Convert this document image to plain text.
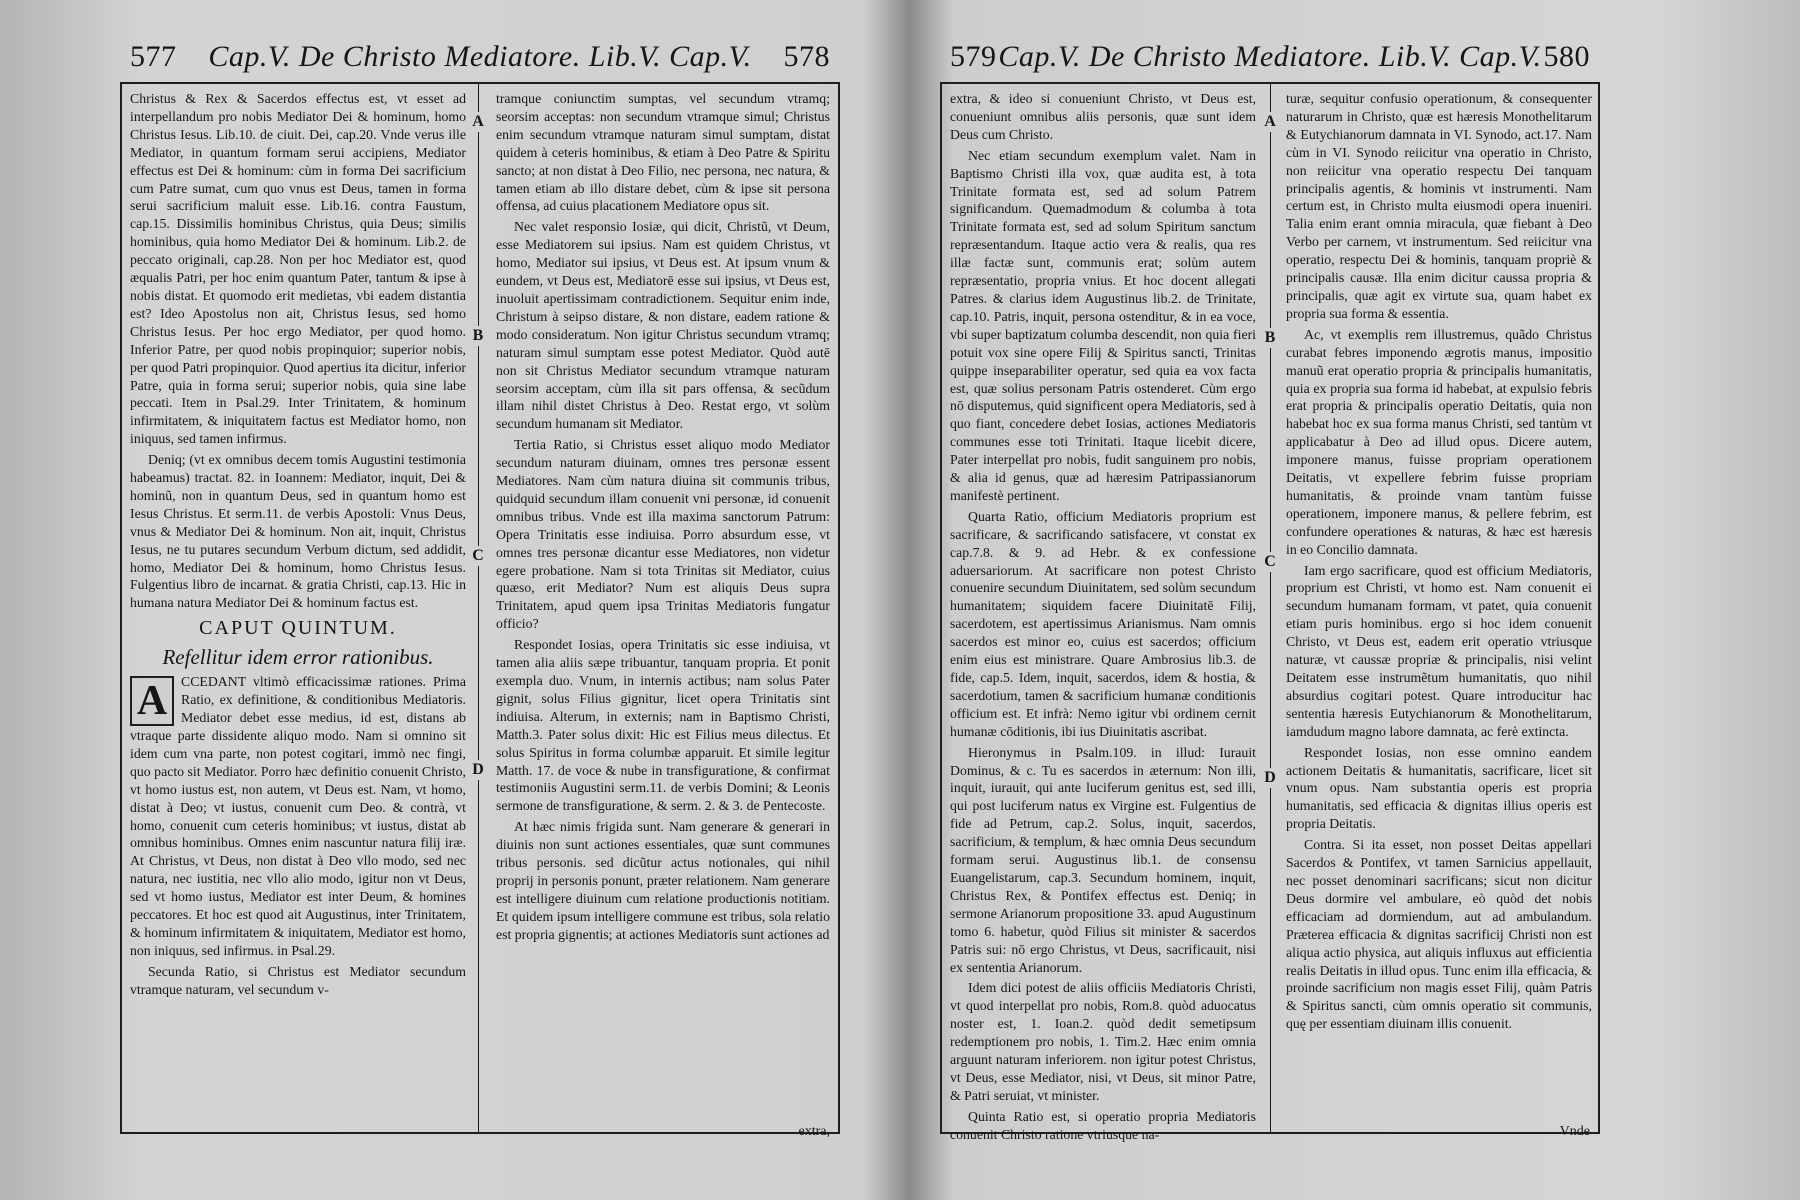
577	Cap.V. De Christo Mediatore. Lib.V. Cap.V.	578

Christus & Rex & Sacerdos effectus est, vt esset ad interpellandum pro nobis Mediator Dei & hominum, homo Christus Iesus. Lib.10. de ciuit. Dei, cap.20. Vnde verus ille Mediator, in quantum formam serui accipiens, Mediator effectus est Dei & hominum: cùm in forma Dei sacrificium cum Patre sumat, cum quo vnus est Deus, tamen in forma serui sacrificium maluit esse. Lib.16. contra Faustum, cap.15. Dissimilis hominibus Christus, quia Deus; similis hominibus, quia homo Mediator Dei & hominum. Lib.2. de peccato originali, cap.28. Non per hoc Mediator est, quod æqualis Patri, per hoc enim quantum Pater, tantum & ipse à nobis distat. Et quomodo erit medietas, vbi eadem distantia est? Ideo Apostolus non ait, Christus Iesus, sed homo Christus Iesus. Per hoc ergo Mediator, per quod homo. Inferior Patre, per quod nobis propinquior; superior nobis, per quod Patri propinquior. Quod apertius ita dicitur, inferior Patre, quia in forma serui; superior nobis, quia sine labe peccati. Item in Psal.29. Inter Trinitatem, & hominum infirmitatem, & iniquitatem factus est Mediator homo, non iniquus, sed tamen infirmus.

Deniq; (vt ex omnibus decem tomis Augustini testimonia habeamus) tractat. 82. in Ioannem: Mediator, inquit, Dei & hominũ, non in quantum Deus, sed in quantum homo est Iesus Christus. Et serm.11. de verbis Apostoli: Vnus Deus, vnus & Mediator Dei & hominum. Non ait, inquit, Christus Iesus, ne tu putares secundum Verbum dictum, sed addidit, homo, Mediator Dei & hominum, homo Christus Iesus. Fulgentius libro de incarnat. & gratia Christi, cap.13. Hic in humana natura Mediator Dei & hominum factus est.

CAPUT QUINTUM.

Refellitur idem error rationibus.

A	CCEDANT vltimò efficacissimæ rationes. Prima Ratio, ex definitione, & conditionibus Mediatoris. Mediator debet esse medius, id est, distans ab vtraque parte dissidente aliquo modo. Nam si omnino sit idem cum vna parte, non potest cogitari, immò nec fingi, quo pacto sit Mediator. Porro hæc definitio conuenit Christo, vt homo iustus est, non autem, vt Deus est. Nam, vt homo, distat à Deo; vt iustus, conuenit cum Deo. & contrà, vt homo, conuenit cum ceteris hominibus; vt iustus, distat ab omnibus hominibus. Omnes enim nascuntur natura filij iræ. At Christus, vt Deus, non distat à Deo vllo modo, sed nec natura, nec iustitia, nec vllo alio modo, igitur non vt Deus, sed vt homo iustus, Mediator est inter Deum, & homines peccatores. Et hoc est quod ait Augustinus, inter Trinitatem, & hominum infirmitatem & iniquitatem, Mediator est homo, non iniquus, sed infirmus. in Psal.29.

Secunda Ratio, si Christus est Mediator secundum vtramque naturam, vel secundum v-

A
B
C
D

tramque coniunctim sumptas, vel secundum vtramq; seorsim acceptas: non secundum vtramque simul; Christus enim secundum vtramque naturam simul sumptam, distat quidem à ceteris hominibus, & etiam à Deo Patre & Spiritu sancto; at non distat à Deo Filio, nec persona, nec natura, & tamen etiam ab illo distare debet, cùm & ipse sit persona offensa, ad cuius placationem Mediatore opus sit.

Nec valet responsio Iosiæ, qui dicit, Christũ, vt Deum, esse Mediatorem sui ipsius. Nam est quidem Christus, vt homo, Mediator sui ipsius, vt Deus est. At ipsum vnum & eundem, vt Deus est, Mediatorē esse sui ipsius, vt Deus est, inuoluit apertissimam contradictionem. Sequitur enim inde, Christum à seipso distare, & non distare, eadem ratione & modo consideratum. Non igitur Christus secundum vtramq; naturam simul sumptam esse potest Mediator. Quòd autē non sit Christus Mediator secundum vtramque naturam seorsim acceptam, cùm illa sit pars offensa, & secũdum illam nihil distet Christus à Deo. Restat ergo, vt solùm secundum humanam sit Mediator.

Tertia Ratio, si Christus esset aliquo modo Mediator secundum naturam diuinam, omnes tres personæ essent Mediatores. Nam cùm natura diuina sit communis tribus, quidquid secundum illam conuenit vni personæ, id conuenit omnibus tribus. Vnde est illa maxima sanctorum Patrum: Opera Trinitatis esse indiuisa. Porro absurdum esse, vt omnes tres personæ dicantur esse Mediatores, non videtur egere probatione. Nam si tota Trinitas sit Mediator, cuius quæso, erit Mediator? Num est aliquis Deus supra Trinitatem, apud quem ipsa Trinitas Mediatoris fungatur officio?

Respondet Iosias, opera Trinitatis sic esse indiuisa, vt tamen alia aliis sæpe tribuantur, tanquam propria. Et ponit exempla duo. Vnum, in internis actibus; nam solus Pater gignit, solus Filius gignitur, licet opera Trinitatis sint indiuisa. Alterum, in externis; nam in Baptismo Christi, Matth.3. Pater solus dixit: Hic est Filius meus dilectus. Et solus Spiritus in forma columbæ apparuit. Et simile legitur Matth. 17. de voce & nube in transfiguratione, & confirmat testimoniis Augustini serm.11. de verbis Domini; & Leonis sermone de transfiguratione, & serm. 2. & 3. de Pentecoste.

At hæc nimis frigida sunt. Nam generare & generari in diuinis non sunt actiones essentiales, quæ sunt communes tribus personis. sed dicũtur actus notionales, qui nihil proprij in personis ponunt, præter relationem. Nam generare est intelligere diuinum cum relatione productionis notitiam. Et quidem ipsum intelligere commune est tribus, sola relatio est propria gignentis; at actiones Mediatoris sunt actiones ad

extra,
579 Cap.V. De Christo Mediatore. Lib.V. Cap.V. 580

extra, & ideo si conueniunt Christo, vt Deus est, conueniunt omnibus aliis personis, quæ sunt idem Deus cum Christo.

Nec etiam secundum exemplum valet. Nam in Baptismo Christi illa vox, quæ audita est, à tota Trinitate formata est, sed ad solum Patrem significandum. Quemadmodum & columba à tota Trinitate formata est, sed ad solum Spiritum sanctum repræsentandum. Itaque actio vera & realis, qua res illæ factæ sunt, communis erat; solùm autem repræsentatio, propria vnius. Et hoc docent allegati Patres. & clarius idem Augustinus lib.2. de Trinitate, cap.10. Patris, inquit, persona ostenditur, & in ea voce, vbi super baptizatum columba descendit, non quia fieri potuit vox sine opere Filij & Spiritus sancti, Trinitas quippe inseparabiliter operatur, sed quia ea vox facta est, quæ solius personam Patris ostenderet. Cùm ergo nō disputemus, quid significent opera Mediatoris, sed à quo fiant, concedere debet Iosias, actiones Mediatoris communes esse toti Trinitati. Itaque licebit dicere, Pater interpellat pro nobis, fudit sanguinem pro nobis, & alia id genus, quæ ad hæresim Patripassianorum manifestè pertinent.

Quarta Ratio, officium Mediatoris proprium est sacrificare, & sacrificando satisfacere, vt constat ex cap.7.8. & 9. ad Hebr. & ex confessione aduersariorum. At sacrificare non potest Christo conuenire secundum Diuinitatem, sed solùm secundum humanitatem; siquidem facere Diuinitatē Filij, sacerdotem, est apertissimus Arianismus. Nam omnis sacerdos est minor eo, cuius est sacerdos; officium enim eius est ministrare. Quare Ambrosius lib.3. de fide, cap.5. Idem, inquit, sacerdos, idem & hostia, & sacerdotium, tamen & sacrificium humanæ conditionis officium est. Et infrà: Nemo igitur vbi ordinem cernit humanæ cōditionis, ibi ius Diuinitatis ascribat.

Hieronymus in Psalm.109. in illud: Iurauit Dominus, & c. Tu es sacerdos in æternum: Non illi, inquit, iurauit, qui ante luciferum genitus est, sed illi, qui post luciferum natus ex Virgine est. Fulgentius de fide ad Petrum, cap.2. Solus, inquit, sacerdos, sacrificium, & templum, & hæc omnia Deus secundum formam serui. Augustinus lib.1. de consensu Euangelistarum, cap.3. Secundum hominem, inquit, Christus Rex, & Pontifex effectus est. Deniq; in sermone Arianorum propositione 33. apud Augustinum tomo 6. habetur, quòd Filius sit minister & sacerdos Patris sui: nō ergo Christus, vt Deus, sacrificauit, nisi ex sententia Arianorum.

Idem dici potest de aliis officiis Mediatoris Christi, vt quod interpellat pro nobis, Rom.8. quòd aduocatus noster est, 1. Ioan.2. quòd dedit semetipsum redemptionem pro nobis, 1. Tim.2. Hæc enim omnia arguunt naturam inferiorem. non igitur potest Christus, vt Deus, esse Mediator, nisi, vt Deus, sit minor Patre, & Patri seruiat, vt minister.

Quinta Ratio est, si operatio propria Mediatoris conuenit Christo ratione vtriusque na-

A
B
C
D

turæ, sequitur confusio operationum, & consequenter naturarum in Christo, quæ est hæresis Monothelitarum & Eutychianorum damnata in VI. Synodo, act.17. Nam cùm in VI. Synodo reiicitur vna operatio in Christo, non reiicitur vna operatio respectu Dei tanquam principalis agentis, & hominis vt instrumenti. Nam certum est, in Christo multa eiusmodi opera inueniri. Talia enim erant omnia miracula, quæ fiebant à Deo Verbo per carnem, vt instrumentum. Sed reiicitur vna operatio, respectu Dei & hominis, tanquam propriè & principalis causæ. Illa enim dicitur caussa propria & principalis, quæ agit ex virtute sua, quam habet ex propria sua forma & essentia.

Ac, vt exemplis rem illustremus, quãdo Christus curabat febres imponendo ægrotis manus, impositio manuũ erat operatio propria & principalis humanitatis, quia ex propria sua forma id habebat, at expulsio febris erat propria & principalis operatio Deitatis, quia non habebat hoc ex sua forma manus Christi, sed tantùm vt applicabatur à Deo ad illud opus. Dicere autem, imponere manus, fuisse propriam operationem Deitatis, vt expellere febrim fuisse propriam humanitatis, & proinde vnam tantùm fuisse operationem, imponere manus, & pellere febrim, est confundere operationes & naturas, & hæc est hæresis in eo Concilio damnata.

Iam ergo sacrificare, quod est officium Mediatoris, proprium est Christi, vt homo est. Nam conuenit ei secundum humanam formam, vt patet, quia conuenit etiam puris hominibus. ergo si hoc idem conuenit Christo, vt Deus est, eadem erit operatio vtriusque naturæ, vt caussæ propriæ & principalis, nisi velint Deitatem esse instrumẽtum humanitatis, quo nihil absurdius cogitari potest. Quare introducitur hac sententia hæresis Eutychianorum & Monothelitarum, iamdudum magno labore damnata, ac ferè extincta.

Respondet Iosias, non esse omnino eandem actionem Deitatis & humanitatis, sacrificare, licet sit vnum opus. Nam substantia operis est propria humanitatis, sed efficacia & dignitas illius operis est propria Deitatis.

Contra. Si ita esset, non posset Deitas appellari Sacerdos & Pontifex, vt tamen Sarnicius appellauit, nec posset denominari sacrificans; sicut non dicitur Deus dormire vel ambulare, eò quòd det nobis efficaciam ad dormiendum, aut ad ambulandum. Præterea efficacia & dignitas sacrificij Christi non est aliqua actio physica, aut aliquis influxus aut efficientia realis Deitatis in illud opus. Tunc enim illa efficacia, & proinde sacrificium non magis esset Filij, quàm Patris & Spiritus sancti, cùm omnis operatio sit communis, quę per essentiam diuinam illis conuenit.

Vnde
